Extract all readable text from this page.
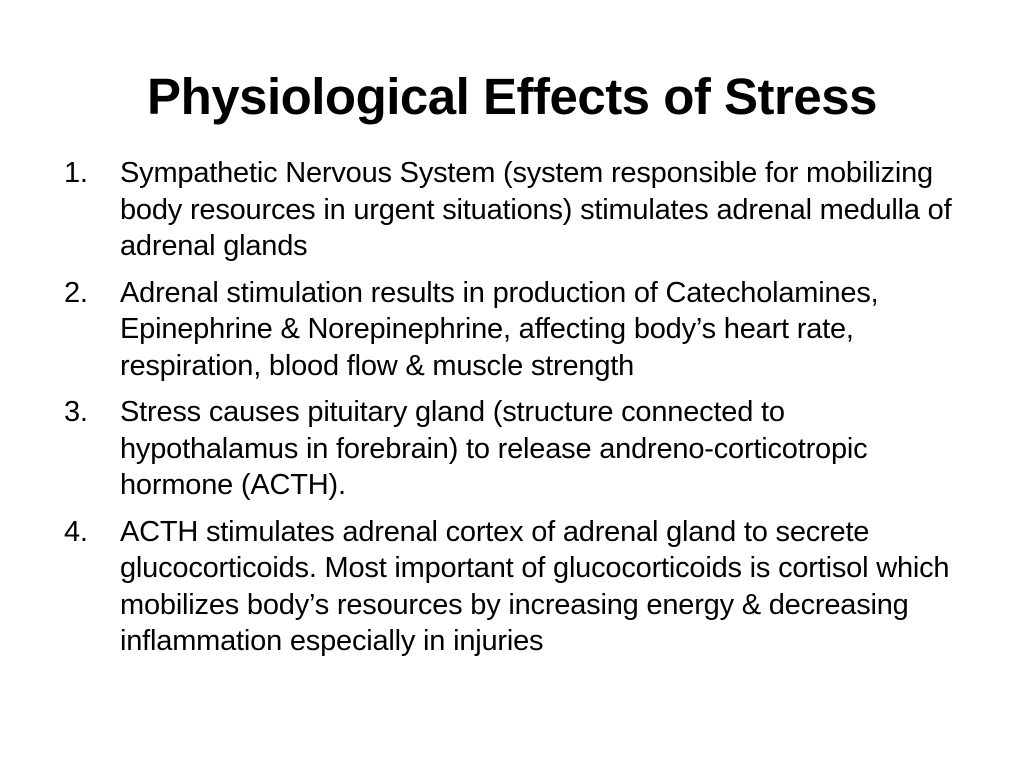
Physiological Effects of Stress
1. Sympathetic Nervous System (system responsible for mobilizing body resources in urgent situations) stimulates adrenal medulla of adrenal glands
2. Adrenal stimulation results in production of Catecholamines, Epinephrine & Norepinephrine, affecting body’s heart rate, respiration, blood flow & muscle strength
3. Stress causes pituitary gland (structure connected to hypothalamus in forebrain) to release andreno-corticotropic hormone (ACTH).
4. ACTH stimulates adrenal cortex of adrenal gland to secrete glucocorticoids. Most important of glucocorticoids is cortisol which mobilizes body’s resources by increasing energy & decreasing inflammation especially in injuries
